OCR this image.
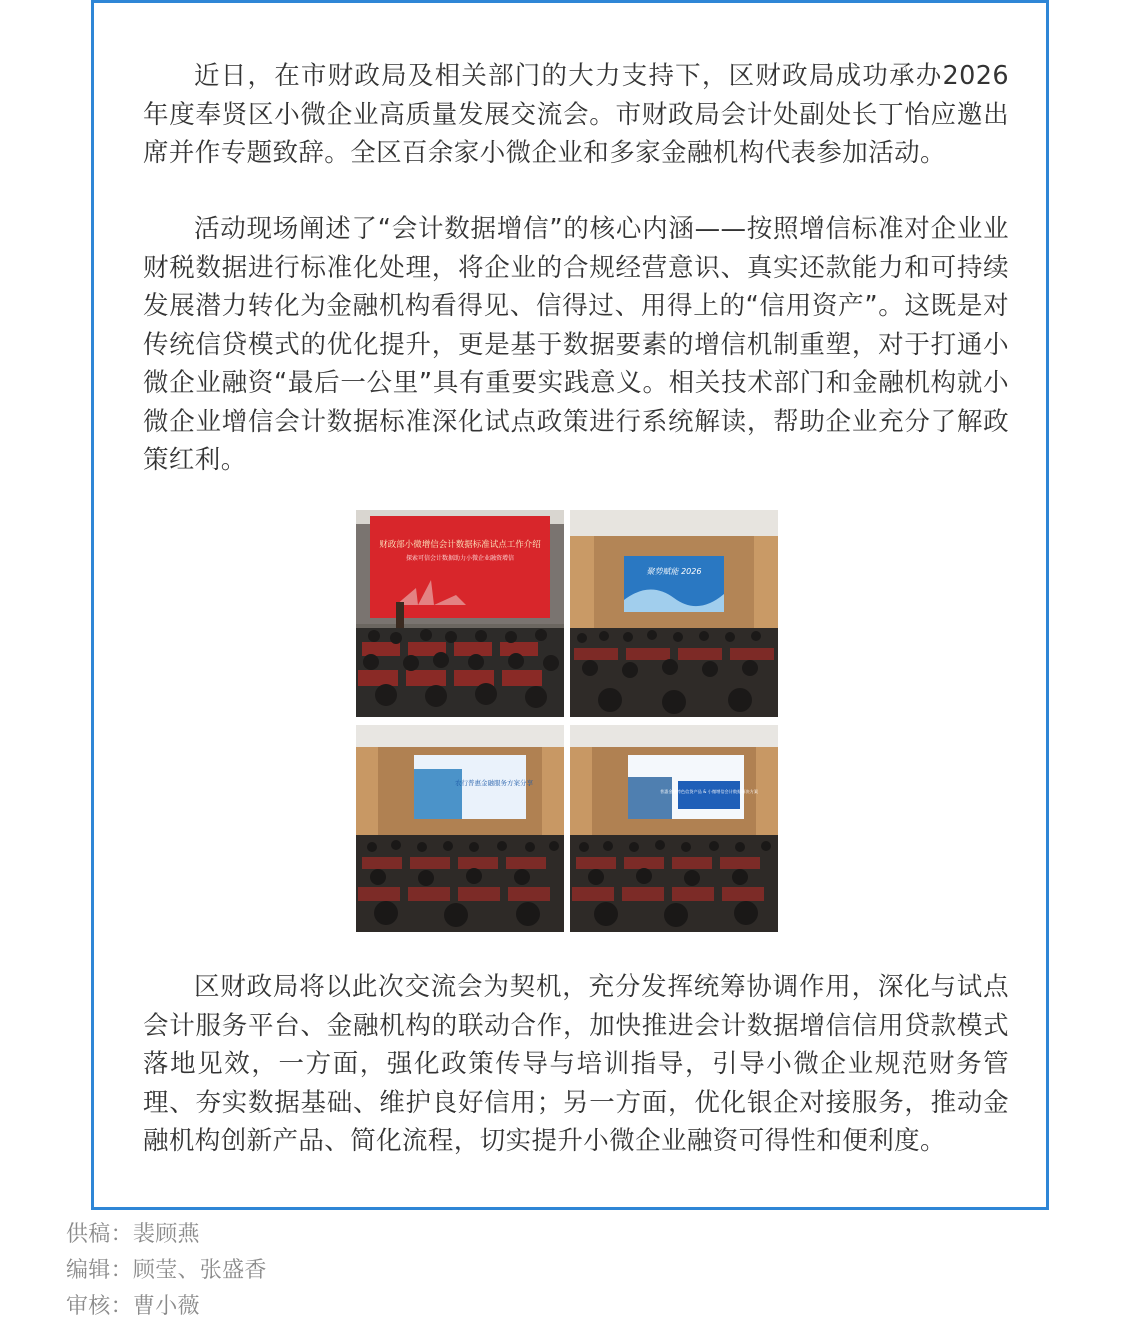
近日，在市财政局及相关部门的大力支持下，区财政局成功承办2026年度奉贤区小微企业高质量发展交流会。市财政局会计处副处长丁怡应邀出席并作专题致辞。全区百余家小微企业和多家金融机构代表参加活动。

活动现场阐述了“会计数据增信”的核心内涵——按照增信标准对企业业财税数据进行标准化处理，将企业的合规经营意识、真实还款能力和可持续发展潜力转化为金融机构看得见、信得过、用得上的“信用资产”。这既是对传统信贷模式的优化提升，更是基于数据要素的增信机制重塑，对于打通小微企业融资“最后一公里”具有重要实践意义。相关技术部门和金融机构就小微企业增信会计数据标准深化试点政策进行系统解读，帮助企业充分了解政策红利。

财政部小微增信会计数据标准试点工作介绍
探索可信会计数据助力小微企业融资增信
聚势赋能 2026
农行普惠金融服务方案分享
普惠金融特色信贷产品 & 小微增信会计数据解决方案

区财政局将以此次交流会为契机，充分发挥统筹协调作用，深化与试点会计服务平台、金融机构的联动合作，加快推进会计数据增信信用贷款模式落地见效，一方面，强化政策传导与培训指导，引导小微企业规范财务管理、夯实数据基础、维护良好信用；另一方面，优化银企对接服务，推动金融机构创新产品、简化流程，切实提升小微企业融资可得性和便利度。

供稿：裴顾燕
编辑：顾莹、张盛香
审核：曹小薇
